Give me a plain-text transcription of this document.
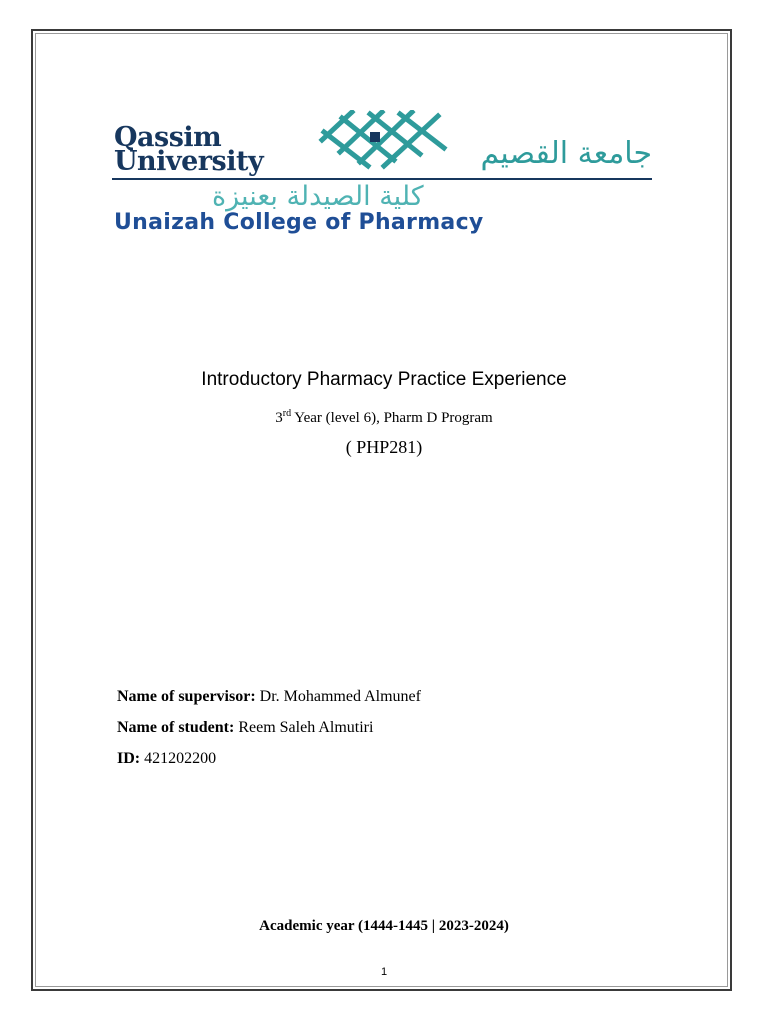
Qassim
University	جامعة القصيم
كلية الصيدلة بعنيزة
Unaizah College of Pharmacy
Introductory Pharmacy Practice Experience
3rd Year (level 6), Pharm D Program
( PHP281)
Name of supervisor: Dr. Mohammed Almunef
Name of student: Reem Saleh Almutiri
ID: 421202200
Academic year (1444-1445 | 2023-2024)
1
